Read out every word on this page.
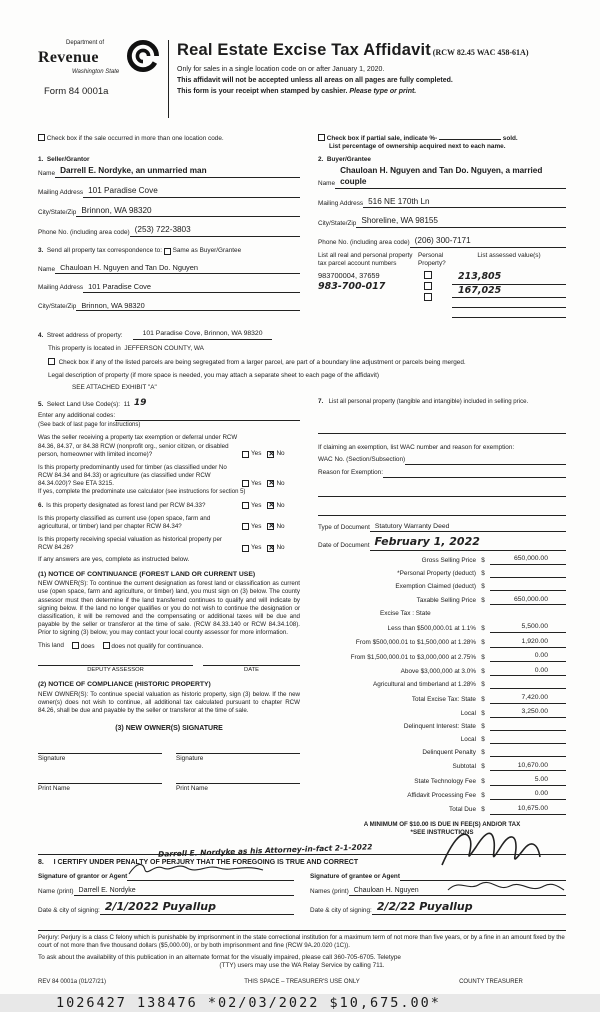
Department of
Revenue
Washington State
Form 84 0001a
Real Estate Excise Tax Affidavit (RCW 82.45 WAC 458-61A)
Only for sales in a single location code on or after January 1, 2020.
This affidavit will not be accepted unless all areas on all pages are fully completed.
This form is your receipt when stamped by cashier. Please type or print.
Check box if the sale occurred in more than one location code.	Check box if partial sale, indicate %-	sold.
List percentage of ownership acquired next to each name.
1. Seller/Grantor
Name Darrell E. Nordyke, an unmarried man
Mailing Address 101 Paradise Cove
City/State/Zip Brinnon, WA 98320
Phone No. (including area code) (253) 722-3803
3.
Send all property tax correspondence to:

Same as Buyer/Grantee
Name Chauloan H. Nguyen and Tan Do. Nguyen
Mailing Address 101 Paradise Cove
City/State/Zip Brinnon, WA 98320
2. Buyer/Grantee
Name
Chauloan H. Nguyen and Tan Do. Nguyen, a married couple
Mailing Address 516 NE 170th Ln
City/State/Zip Shoreline, WA 98155
Phone No. (including area code) (206) 300-7171
List all real and personal property tax parcel account numbers
Personal Property?
List assessed value(s)
983700004, 37659
983-700-017
213,805
167,025
4.
Street address of property:	101 Paradise Cove, Brinnon, WA 98320
This property is located in JEFFERSON COUNTY, WA
Check box if any of the listed parcels are being segregated from a larger parcel, are part of a boundary line adjustment or parcels being merged.
Legal description of property (if more space is needed, you may attach a separate sheet to each page of the affidavit)
SEE ATTACHED EXHIBIT "A"
5.
Select Land Use Code(s):
11
19
Enter any additional codes:
(See back of last page for instructions)
Was the seller receiving a property tax exemption or deferral under RCW 84.36, 84.37, or 84.38 RCW (nonprofit org., senior citizen, or disabled person, homeowner with limited income)?	Yes ✕ No
Is this property predominantly used for timber (as classified under No RCW 84.34 and 84.33) or agriculture (as classified under RCW 84.34.020)? See ETA 3215.	Yes ✕ No
If yes, complete the predominate use calculator (see instructions for section 5)
6. Is this property designated as forest land per RCW 84.33?	Yes ✕ No
Is this property classified as current use (open space, farm and agricultural, or timber) land per chapter RCW 84.34?	Yes ✕ No
Is this property receiving special valuation as historical property per RCW 84.26?	Yes ✕ No
If any answers are yes, complete as instructed below.
(1) NOTICE OF CONTINUANCE (FOREST LAND OR CURRENT USE)
NEW OWNER(S): To continue the current designation as forest land or classification as current use (open space, farm and agriculture, or timber) land, you must sign on (3) below. The county assessor must then determine if the land transferred continues to qualify and will indicate by signing below. If the land no longer qualifies or you do not wish to continue the designation or classification, it will be removed and the compensating or additional taxes will be due and payable by the seller or transferor at the time of sale. (RCW 84.33.140 or RCW 84.34.108). Prior to signing (3) below, you may contact your local county assessor for more information.
This land	does	does not qualify for continuance.
DEPUTY ASSESSOR	DATE
(2) NOTICE OF COMPLIANCE (HISTORIC PROPERTY)
NEW OWNER(S): To continue special valuation as historic property, sign (3) below. If the new owner(s) does not wish to continue, all additional tax calculated pursuant to chapter RCW 84.26, shall be due and payable by the seller or transferor at the time of sale.
(3) NEW OWNER(S) SIGNATURE
Signature	Signature
Print Name	Print Name
7.
List all personal property (tangible and intangible) included in selling price.
If claiming an exemption, list WAC number and reason for exemption:
WAC No. (Section/Subsection)
Reason for Exemption:
Type of Document Statutory Warranty Deed
Date of Document February 1, 2022
Gross Selling Price $	650,000.00
*Personal Property (deduct) $
Exemption Claimed (deduct) $
Taxable Selling Price $	650,000.00
Excise Tax : State
Less than $500,000.01 at 1.1% $	5,500.00
From $500,000.01 to $1,500,000 at 1.28% $	1,920.00
From $1,500,000.01 to $3,000,000 at 2.75% $	0.00
Above $3,000,000 at 3.0% $	0.00
Agricultural and timberland at 1.28% $
Total Excise Tax: State $	7,420.00
Local $	3,250.00
Delinquent Interest: State $
Local $
Delinquent Penalty $
Subtotal $	10,670.00
State Technology Fee $	5.00
Affidavit Processing Fee $	0.00
Total Due $	10,675.00
A MINIMUM OF $10.00 IS DUE IN FEE(S) AND/OR TAX
*SEE INSTRUCTIONS
8. I CERTIFY UNDER PENALTY OF PERJURY THAT THE FOREGOING IS TRUE AND CORRECT
Darrell E. Nordyke as his Attorney-in-fact 2-1-2022
Signature of grantor or Agent
Name (print) Darrell E. Nordyke
Date & city of signing: 2/1/2022 Puyallup
Signature of grantee or Agent
Names (print) Chauloan H. Nguyen
Date & city of signing: 2/2/22 Puyallup
Perjury: Perjury is a class C felony which is punishable by imprisonment in the state correctional institution for a maximum term of not more than five years, or by a fine in an amount fixed by the court of not more than five thousand dollars ($5,000.00), or by both imprisonment and fine (RCW 9A.20.020 (1C)).
To ask about the availability of this publication in an alternate format for the visually impaired, please call 360-705-6705. Teletype
(TTY) users may use the WA Relay Service by calling 711.
REV 84 0001a (01/27/21)	THIS SPACE – TREASURER'S USE ONLY	COUNTY TREASURER
1026427 138476 *02/03/2022 $10,675.00*
